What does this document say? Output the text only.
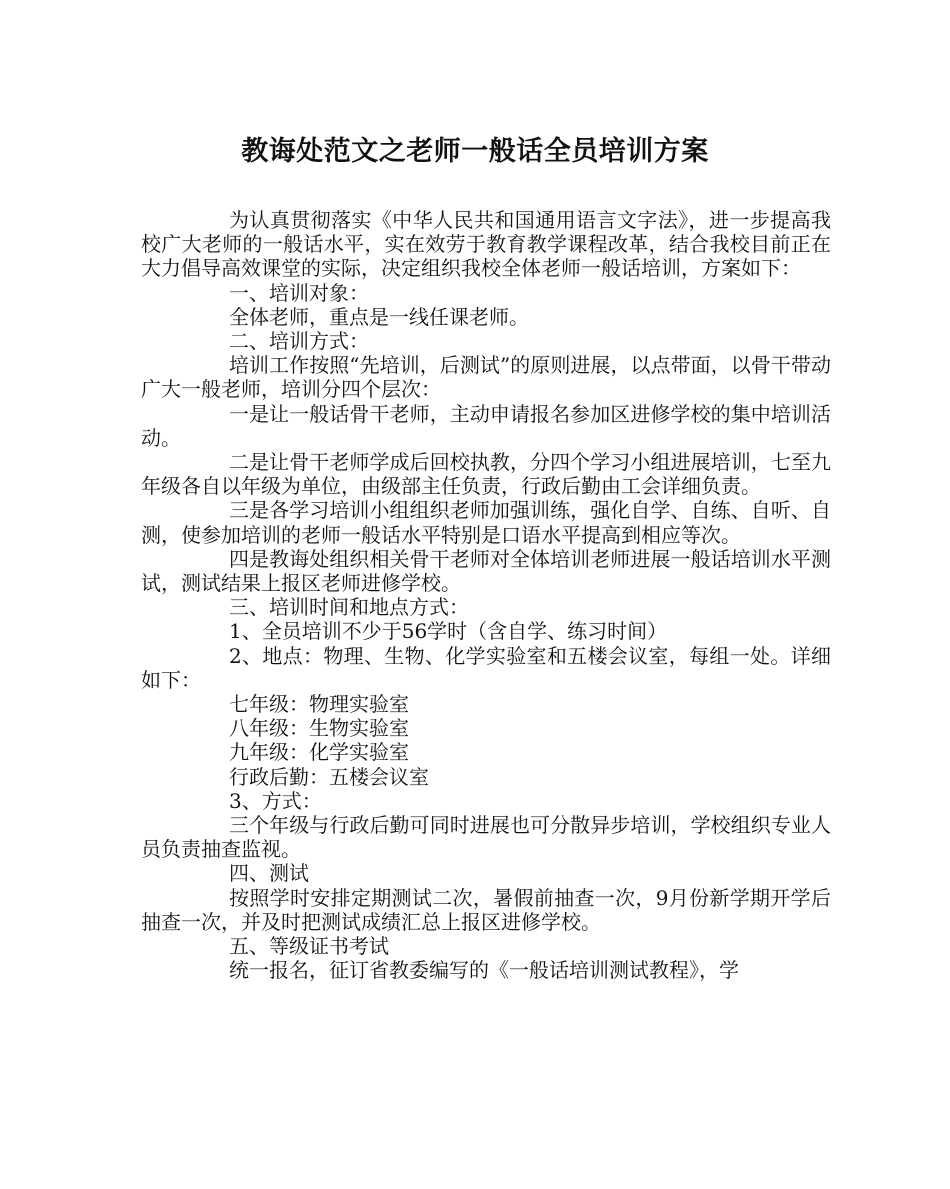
教诲处范文之老师一般话全员培训方案

为认真贯彻落实《中华人民共和国通用语言文字法》，进一步提高我校广大老师的一般话水平，实在效劳于教育教学课程改革，结合我校目前正在大力倡导高效课堂的实际，决定组织我校全体老师一般话培训，方案如下：

一、培训对象：

全体老师，重点是一线任课老师。

二、培训方式：

培训工作按照“先培训，后测试”的原则进展，以点带面，以骨干带动广大一般老师，培训分四个层次：

一是让一般话骨干老师，主动申请报名参加区进修学校的集中培训活动。

二是让骨干老师学成后回校执教，分四个学习小组进展培训，七至九年级各自以年级为单位，由级部主任负责，行政后勤由工会详细负责。

三是各学习培训小组组织老师加强训练，强化自学、自练、自听、自测，使参加培训的老师一般话水平特别是口语水平提高到相应等次。

四是教诲处组织相关骨干老师对全体培训老师进展一般话培训水平测试，测试结果上报区老师进修学校。

三、培训时间和地点方式：

1、全员培训不少于56学时（含自学、练习时间）

2、地点：物理、生物、化学实验室和五楼会议室，每组一处。详细如下：

七年级：物理实验室

八年级：生物实验室

九年级：化学实验室

行政后勤：五楼会议室

3、方式：

三个年级与行政后勤可同时进展也可分散异步培训，学校组织专业人员负责抽查监视。

四、测试

按照学时安排定期测试二次，暑假前抽查一次，9月份新学期开学后抽查一次，并及时把测试成绩汇总上报区进修学校。

五、等级证书考试

统一报名，征订省教委编写的《一般话培训测试教程》，学
